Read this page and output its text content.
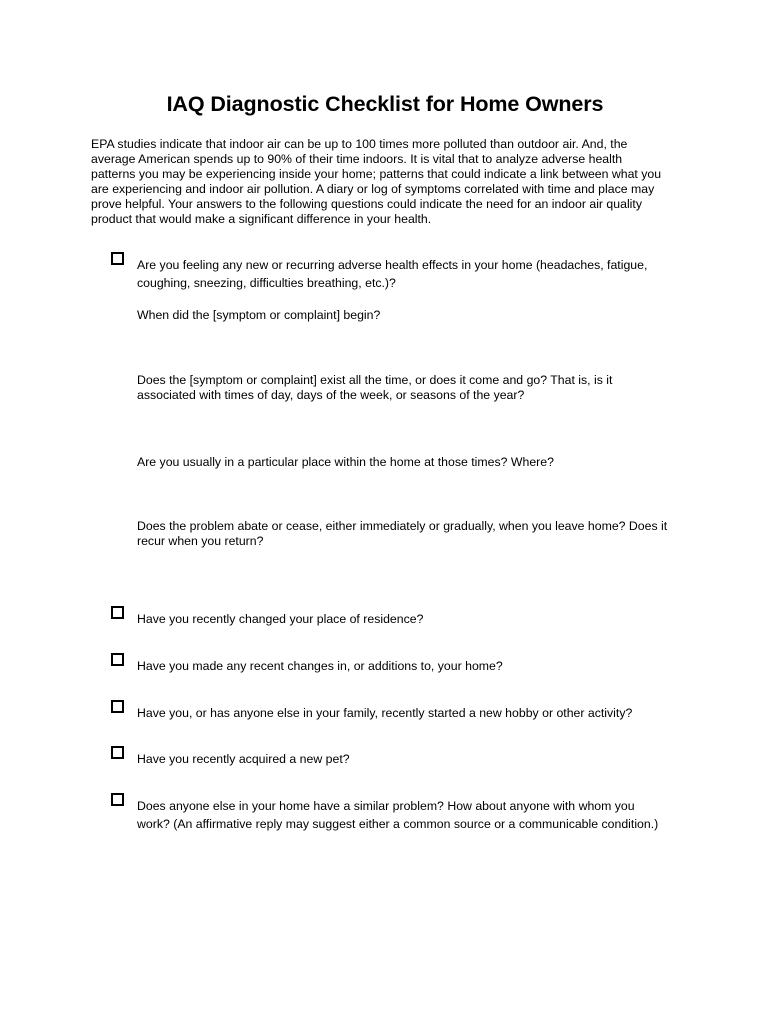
IAQ Diagnostic Checklist for Home Owners

EPA studies indicate that indoor air can be up to 100 times more polluted than outdoor air. And, the
average American spends up to 90% of their time indoors. It is vital that to analyze adverse health
patterns you may be experiencing inside your home; patterns that could indicate a link between what you
are experiencing and indoor air pollution. A diary or log of symptoms correlated with time and place may
prove helpful. Your answers to the following questions could indicate the need for an indoor air quality
product that would make a significant difference in your health.

Are you feeling any new or recurring adverse health effects in your home (headaches, fatigue,
coughing, sneezing, difficulties breathing, etc.)?

When did the [symptom or complaint] begin?

Does the [symptom or complaint] exist all the time, or does it come and go? That is, is it
associated with times of day, days of the week, or seasons of the year?

Are you usually in a particular place within the home at those times? Where?

Does the problem abate or cease, either immediately or gradually, when you leave home? Does it
recur when you return?

Have you recently changed your place of residence?

Have you made any recent changes in, or additions to, your home?

Have you, or has anyone else in your family, recently started a new hobby or other activity?

Have you recently acquired a new pet?

Does anyone else in your home have a similar problem? How about anyone with whom you
work? (An affirmative reply may suggest either a common source or a communicable condition.)
